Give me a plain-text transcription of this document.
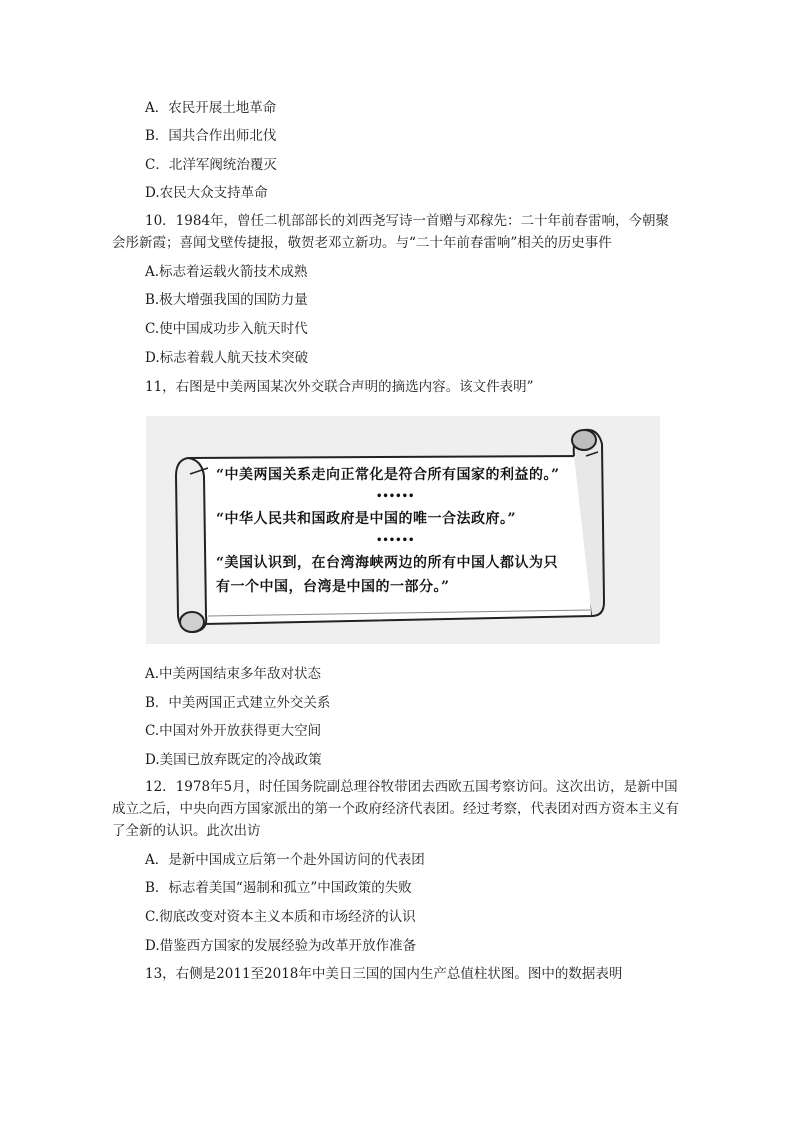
A．农民开展土地革命
B．国共合作出师北伐
C．北洋军阀统治覆灭
D.农民大众支持革命
10．1984年，曾任二机部部长的刘西尧写诗一首赠与邓稼先：二十年前春雷响，今朝聚会彤新霞；喜闻戈壁传捷报，敬贺老邓立新功。与“二十年前春雷响”相关的历史事件
A.标志着运载火箭技术成熟
B.极大增强我国的国防力量
C.使中国成功步入航天时代
D.标志着载人航天技术突破
11，右图是中美两国某次外交联合声明的摘选内容。该文件表明”
“中美两国关系走向正常化是符合所有国家的利益的。”
••••••
“中华人民共和国政府是中国的唯一合法政府。”
••••••
“美国认识到，在台湾海峡两边的所有中国人都认为只
有一个中国，台湾是中国的一部分。”
A.中美两国结束多年敌对状态
B．中美两国正式建立外交关系
C.中国对外开放获得更大空间
D.美国已放弃既定的冷战政策
12．1978年5月，时任国务院副总理谷牧带团去西欧五国考察访问。这次出访，是新中国成立之后，中央向西方国家派出的第一个政府经济代表团。经过考察，代表团对西方资本主义有了全新的认识。此次出访
A．是新中国成立后第一个赴外国访问的代表团
B．标志着美国“遏制和孤立”中国政策的失败
C.彻底改变对资本主义本质和市场经济的认识
D.借鉴西方国家的发展经验为改革开放作准备
13，右侧是2011至2018年中美日三国的国内生产总值柱状图。图中的数据表明
